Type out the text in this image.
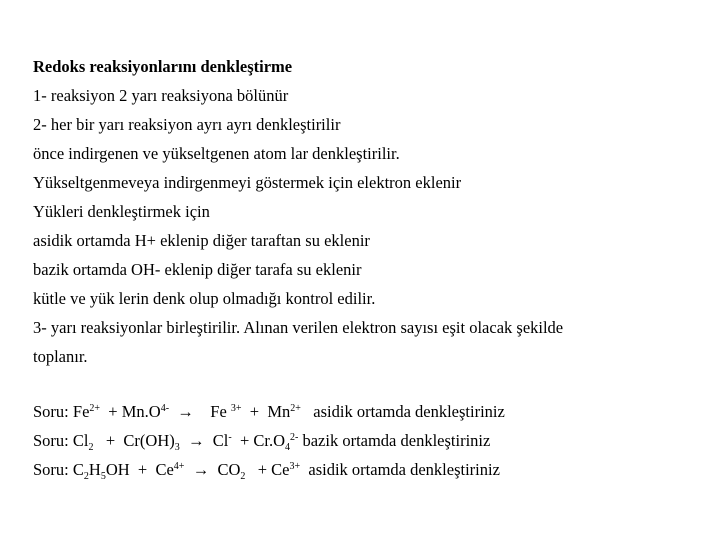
Redoks reaksiyonlarını denkleştirme

1- reaksiyon 2 yarı reaksiyona bölünür

2- her bir yarı reaksiyon ayrı ayrı denkleştirilir

önce indirgenen ve yükseltgenen atom lar denkleştirilir.

Yükseltgenmeveya indirgenmeyi göstermek için elektron eklenir

Yükleri denkleştirmek için

asidik ortamda H+ eklenip diğer taraftan su eklenir

bazik ortamda OH- eklenip diğer tarafa su eklenir

kütle ve yük lerin denk olup olmadığı kontrol edilir.

3- yarı reaksiyonlar birleştirilir. Alınan verilen elektron sayısı eşit olacak şekilde

toplanır.

Soru: $Fe^{2+} + Mn.O^{4-}$  →    Fe $^{3+} + Mn^{2+}$   asidik ortamda denkleştiriniz

Soru: $Cl_2 + Cr(OH)_3 \to Cl^- + Cr.O_4^{2-}$ bazik ortamda denkleştiriniz

Soru: $C_2H_5OH + Ce^{4+} \to CO_2 + Ce^{3+}$  asidik ortamda denkleştiriniz
